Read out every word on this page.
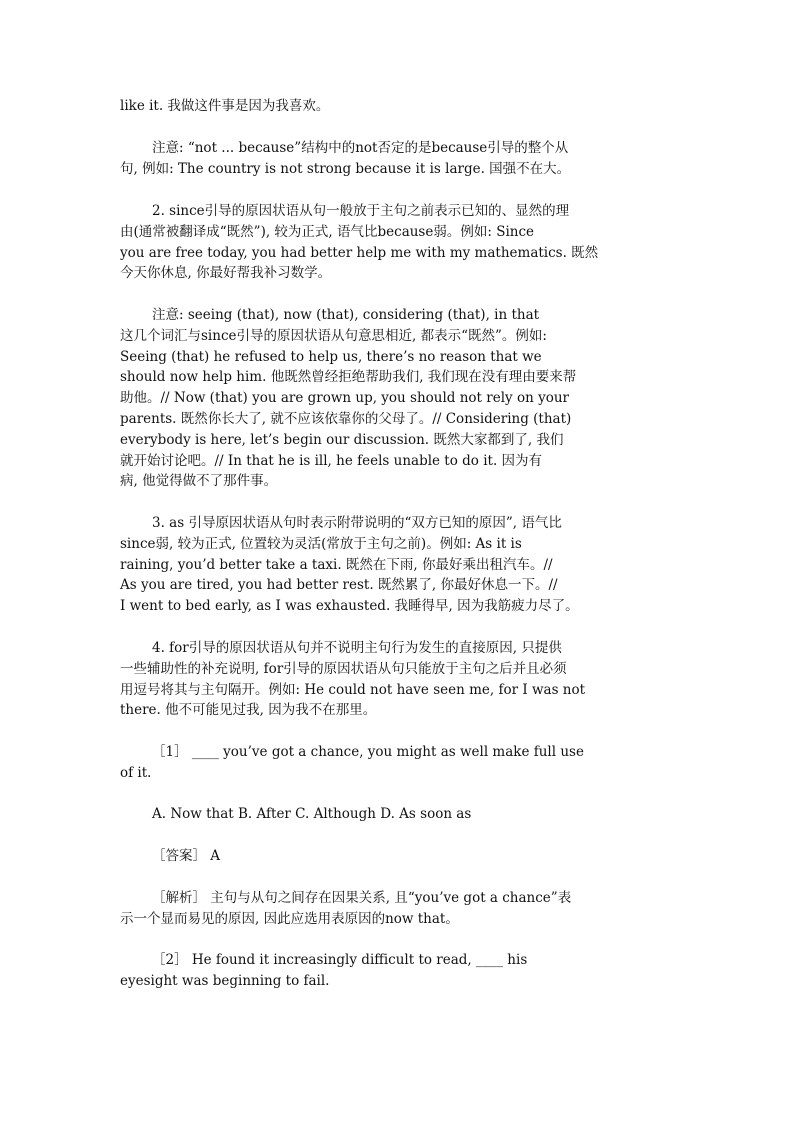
like it. 我做这件事是因为我喜欢。
注意: “not ... because”结构中的not否定的是because引导的整个从
句, 例如: The country is not strong because it is large. 国强不在大。
2. since引导的原因状语从句一般放于主句之前表示已知的、显然的理
由(通常被翻译成“既然”), 较为正式, 语气比because弱。例如: Since
you are free today, you had better help me with my mathematics. 既然
今天你休息, 你最好帮我补习数学。
注意: seeing (that), now (that), considering (that), in that
这几个词汇与since引导的原因状语从句意思相近, 都表示“既然”。例如:
Seeing (that) he refused to help us, there’s no reason that we
should now help him. 他既然曾经拒绝帮助我们, 我们现在没有理由要来帮
助他。// Now (that) you are grown up, you should not rely on your
parents. 既然你长大了, 就不应该依靠你的父母了。// Considering (that)
everybody is here, let’s begin our discussion. 既然大家都到了, 我们
就开始讨论吧。// In that he is ill, he feels unable to do it. 因为有
病, 他觉得做不了那件事。
3. as 引导原因状语从句时表示附带说明的“双方已知的原因”, 语气比
since弱, 较为正式, 位置较为灵活(常放于主句之前)。例如: As it is
raining, you’d better take a taxi. 既然在下雨, 你最好乘出租汽车。//
As you are tired, you had better rest. 既然累了, 你最好休息一下。//
I went to bed early, as I was exhausted. 我睡得早, 因为我筋疲力尽了。
4. for引导的原因状语从句并不说明主句行为发生的直接原因, 只提供
一些辅助性的补充说明, for引导的原因状语从句只能放于主句之后并且必须
用逗号将其与主句隔开。例如: He could not have seen me, for I was not
there. 他不可能见过我, 因为我不在那里。
［1］ ____ you’ve got a chance, you might as well make full use
of it.
A. Now that B. After C. Although D. As soon as
［答案］ A
［解析］ 主句与从句之间存在因果关系, 且“you’ve got a chance”表
示一个显而易见的原因, 因此应选用表原因的now that。
［2］ He found it increasingly difficult to read, ____ his
eyesight was beginning to fail.
